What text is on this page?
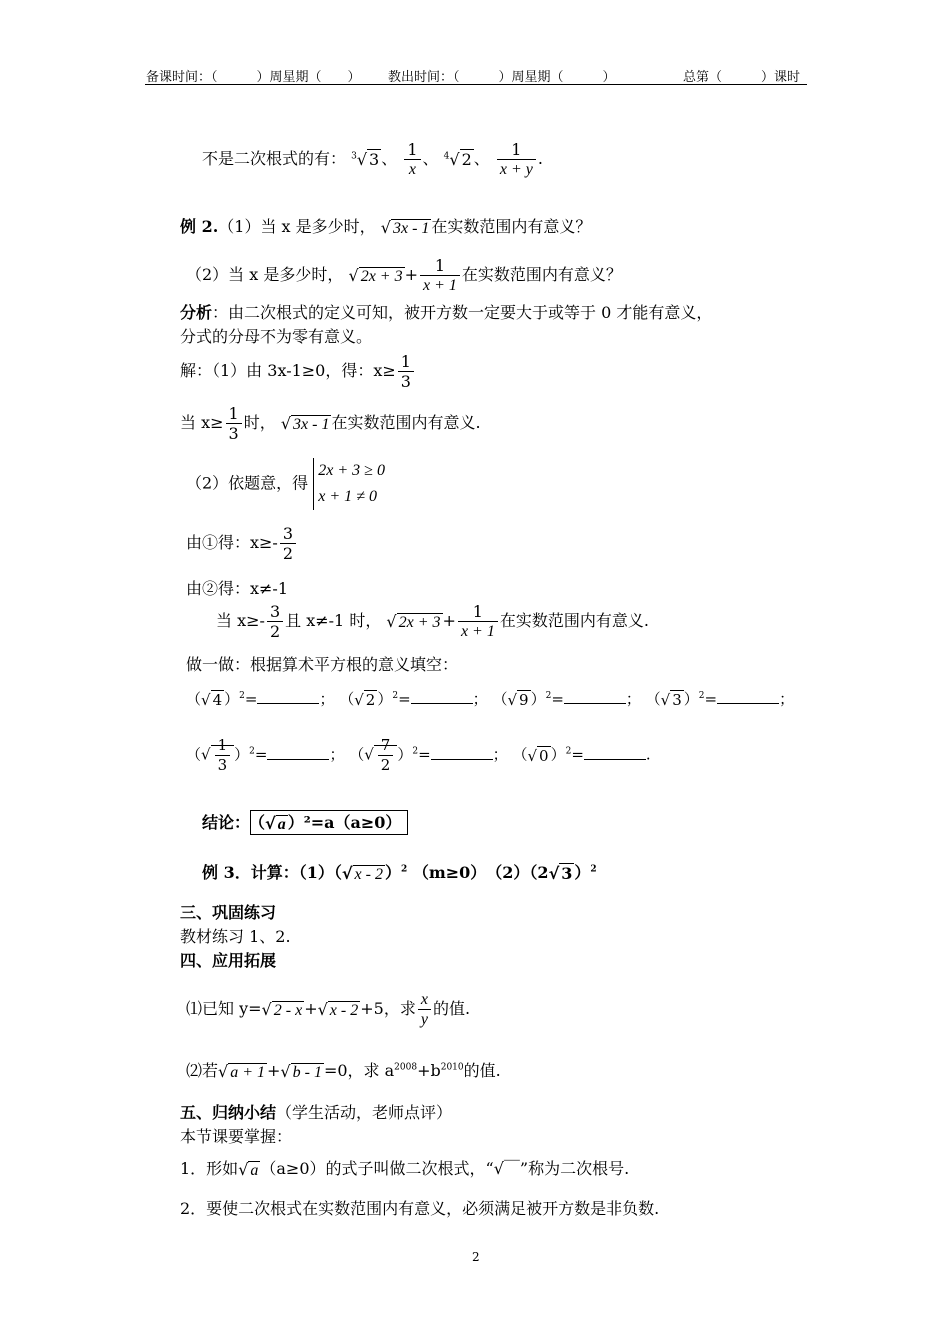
备课时间：（　　　）周星期（　　） 教出时间：（　　　）周星期（　　　）	总第（　　　）课时
不是二次根式的有： $^3$√ 3 、 $\frac{1}{x}$ 、 $^4$√ 2 、 $\frac{1}{x + y}$ .
例 2.（1）当 x 是多少时， √ 3x - 1 在实数范围内有意义？
（2）当 x 是多少时， √ $2x + 3 + \frac{1}{x + 1}$ 在实数范围内有意义？
分析：由二次根式的定义可知，被开方数一定要大于或等于 0 才能有意义，
分式的分母不为零有意义。
解：（1）由 3x-1≥0，得：$x\ge \frac{1}{3}$
当 $x\ge \frac{1}{3}$ 时， √ 3x - 1 在实数范围内有意义.
（2）依题意，得
2x + 3 ≥ 0
x + 1 ≠ 0
由①得：$x\ge- \frac{3}{2}$
由②得：x≠-1
当 $x\ge- \frac{3}{2}$ 且 x≠-1 时， √ $2x + 3 + \frac{1}{x + 1}$ 在实数范围内有意义.
做一做：根据算术平方根的意义填空：
（√ 4 ）$^2$=	； （√ 2 ）$^2$=	； （√ 9 ）$^2$=	； （√ 3 ）$^2$=	；
（√ $\frac{1}{3} )^2=$	； （√ $\frac{7}{2} )^2=$	； （√ 0 ）$^2$=	.
结论： （√ a ）²=a（a≥0）
例 3．计算：（1）（√ x - 2 ）$^2$ （m≥0）　（2）（2√ 3 ）$^2$
三、巩固练习
教材练习 1、2.
四、应用拓展
⑴已知 y=√ 2 - x +√ x - 2 +5，求 $\frac{x}{y}$ 的值.
⑵若√ a + 1 +√ b - 1 =0，求 $a^{2008}+b^{2010}$的值.
五、归纳小结（学生活动，老师点评）
本节课要掌握：
1．形如√ a （a≥0）的式子叫做二次根式，“√￣”称为二次根号.
2．要使二次根式在实数范围内有意义，必须满足被开方数是非负数.
2
